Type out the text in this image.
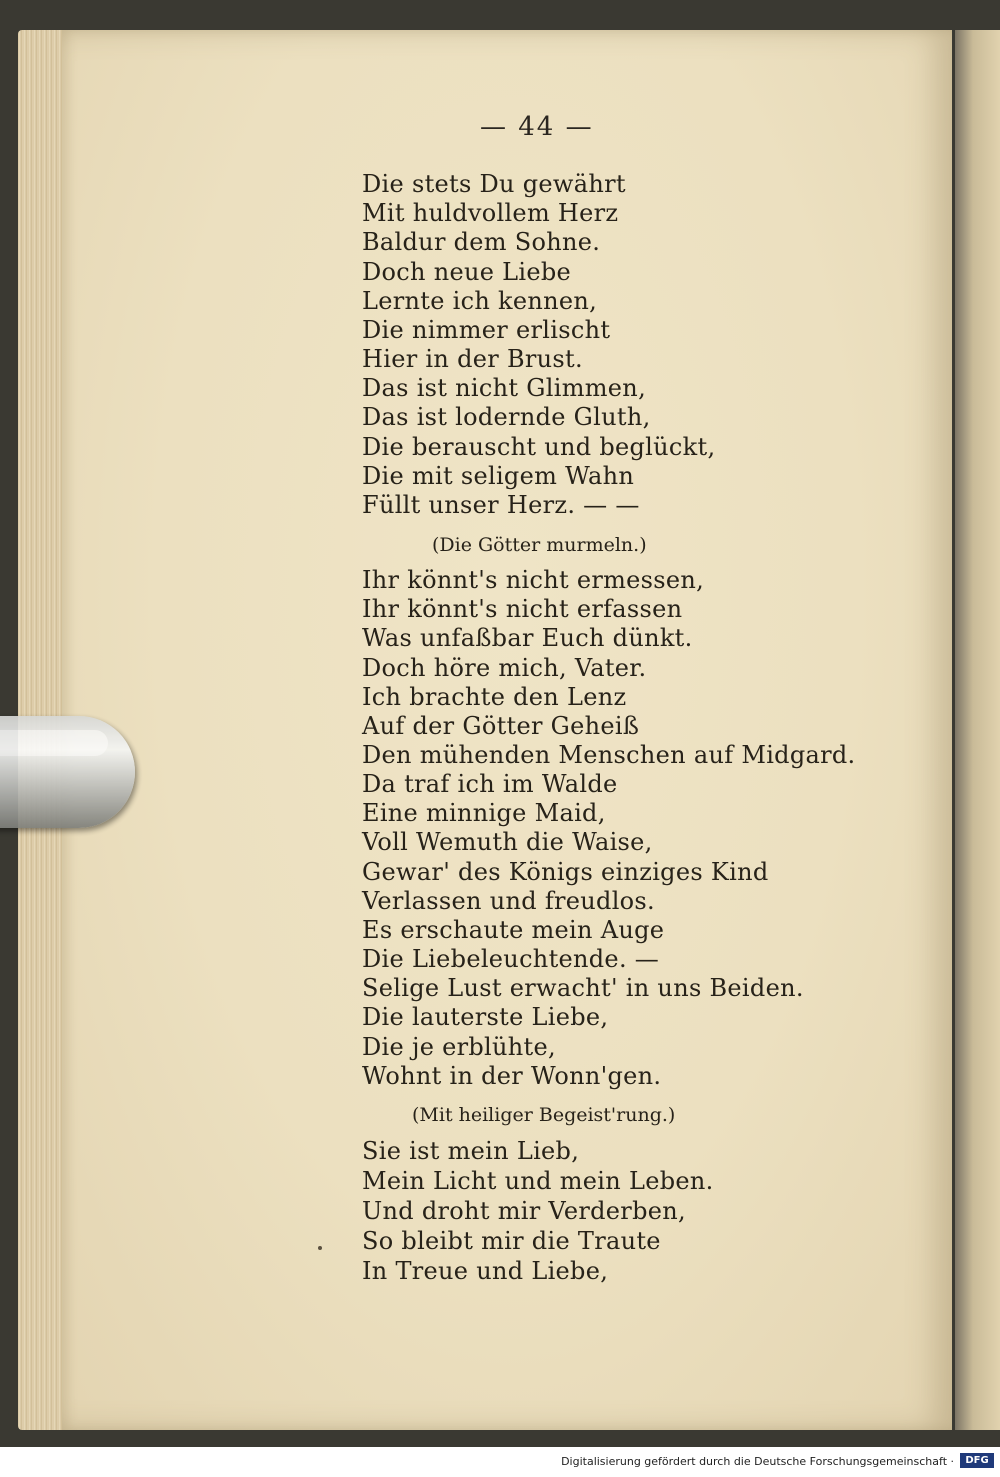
— 44 —
Die stets Du gewährt
Mit huldvollem Herz
Baldur dem Sohne.
Doch neue Liebe
Lernte ich kennen,
Die nimmer erlischt
Hier in der Brust.
Das ist nicht Glimmen,
Das ist lodernde Gluth,
Die berauscht und beglückt,
Die mit seligem Wahn
Füllt unser Herz. — —
(Die Götter murmeln.)
Ihr könnt's nicht ermessen,
Ihr könnt's nicht erfassen
Was unfaßbar Euch dünkt.
Doch höre mich, Vater.
Ich brachte den Lenz
Auf der Götter Geheiß
Den mühenden Menschen auf Midgard.
Da traf ich im Walde
Eine minnige Maid,
Voll Wemuth die Waise,
Gewar' des Königs einziges Kind
Verlassen und freudlos.
Es erschaute mein Auge
Die Liebeleuchtende. —
Selige Lust erwacht' in uns Beiden.
Die lauterste Liebe,
Die je erblühte,
Wohnt in der Wonn'gen.
(Mit heiliger Begeist'rung.)
Sie ist mein Lieb,
Mein Licht und mein Leben.
Und droht mir Verderben,
So bleibt mir die Traute
In Treue und Liebe,
Digitalisierung gefördert durch die Deutsche Forschungsgemeinschaft ·	DFG
